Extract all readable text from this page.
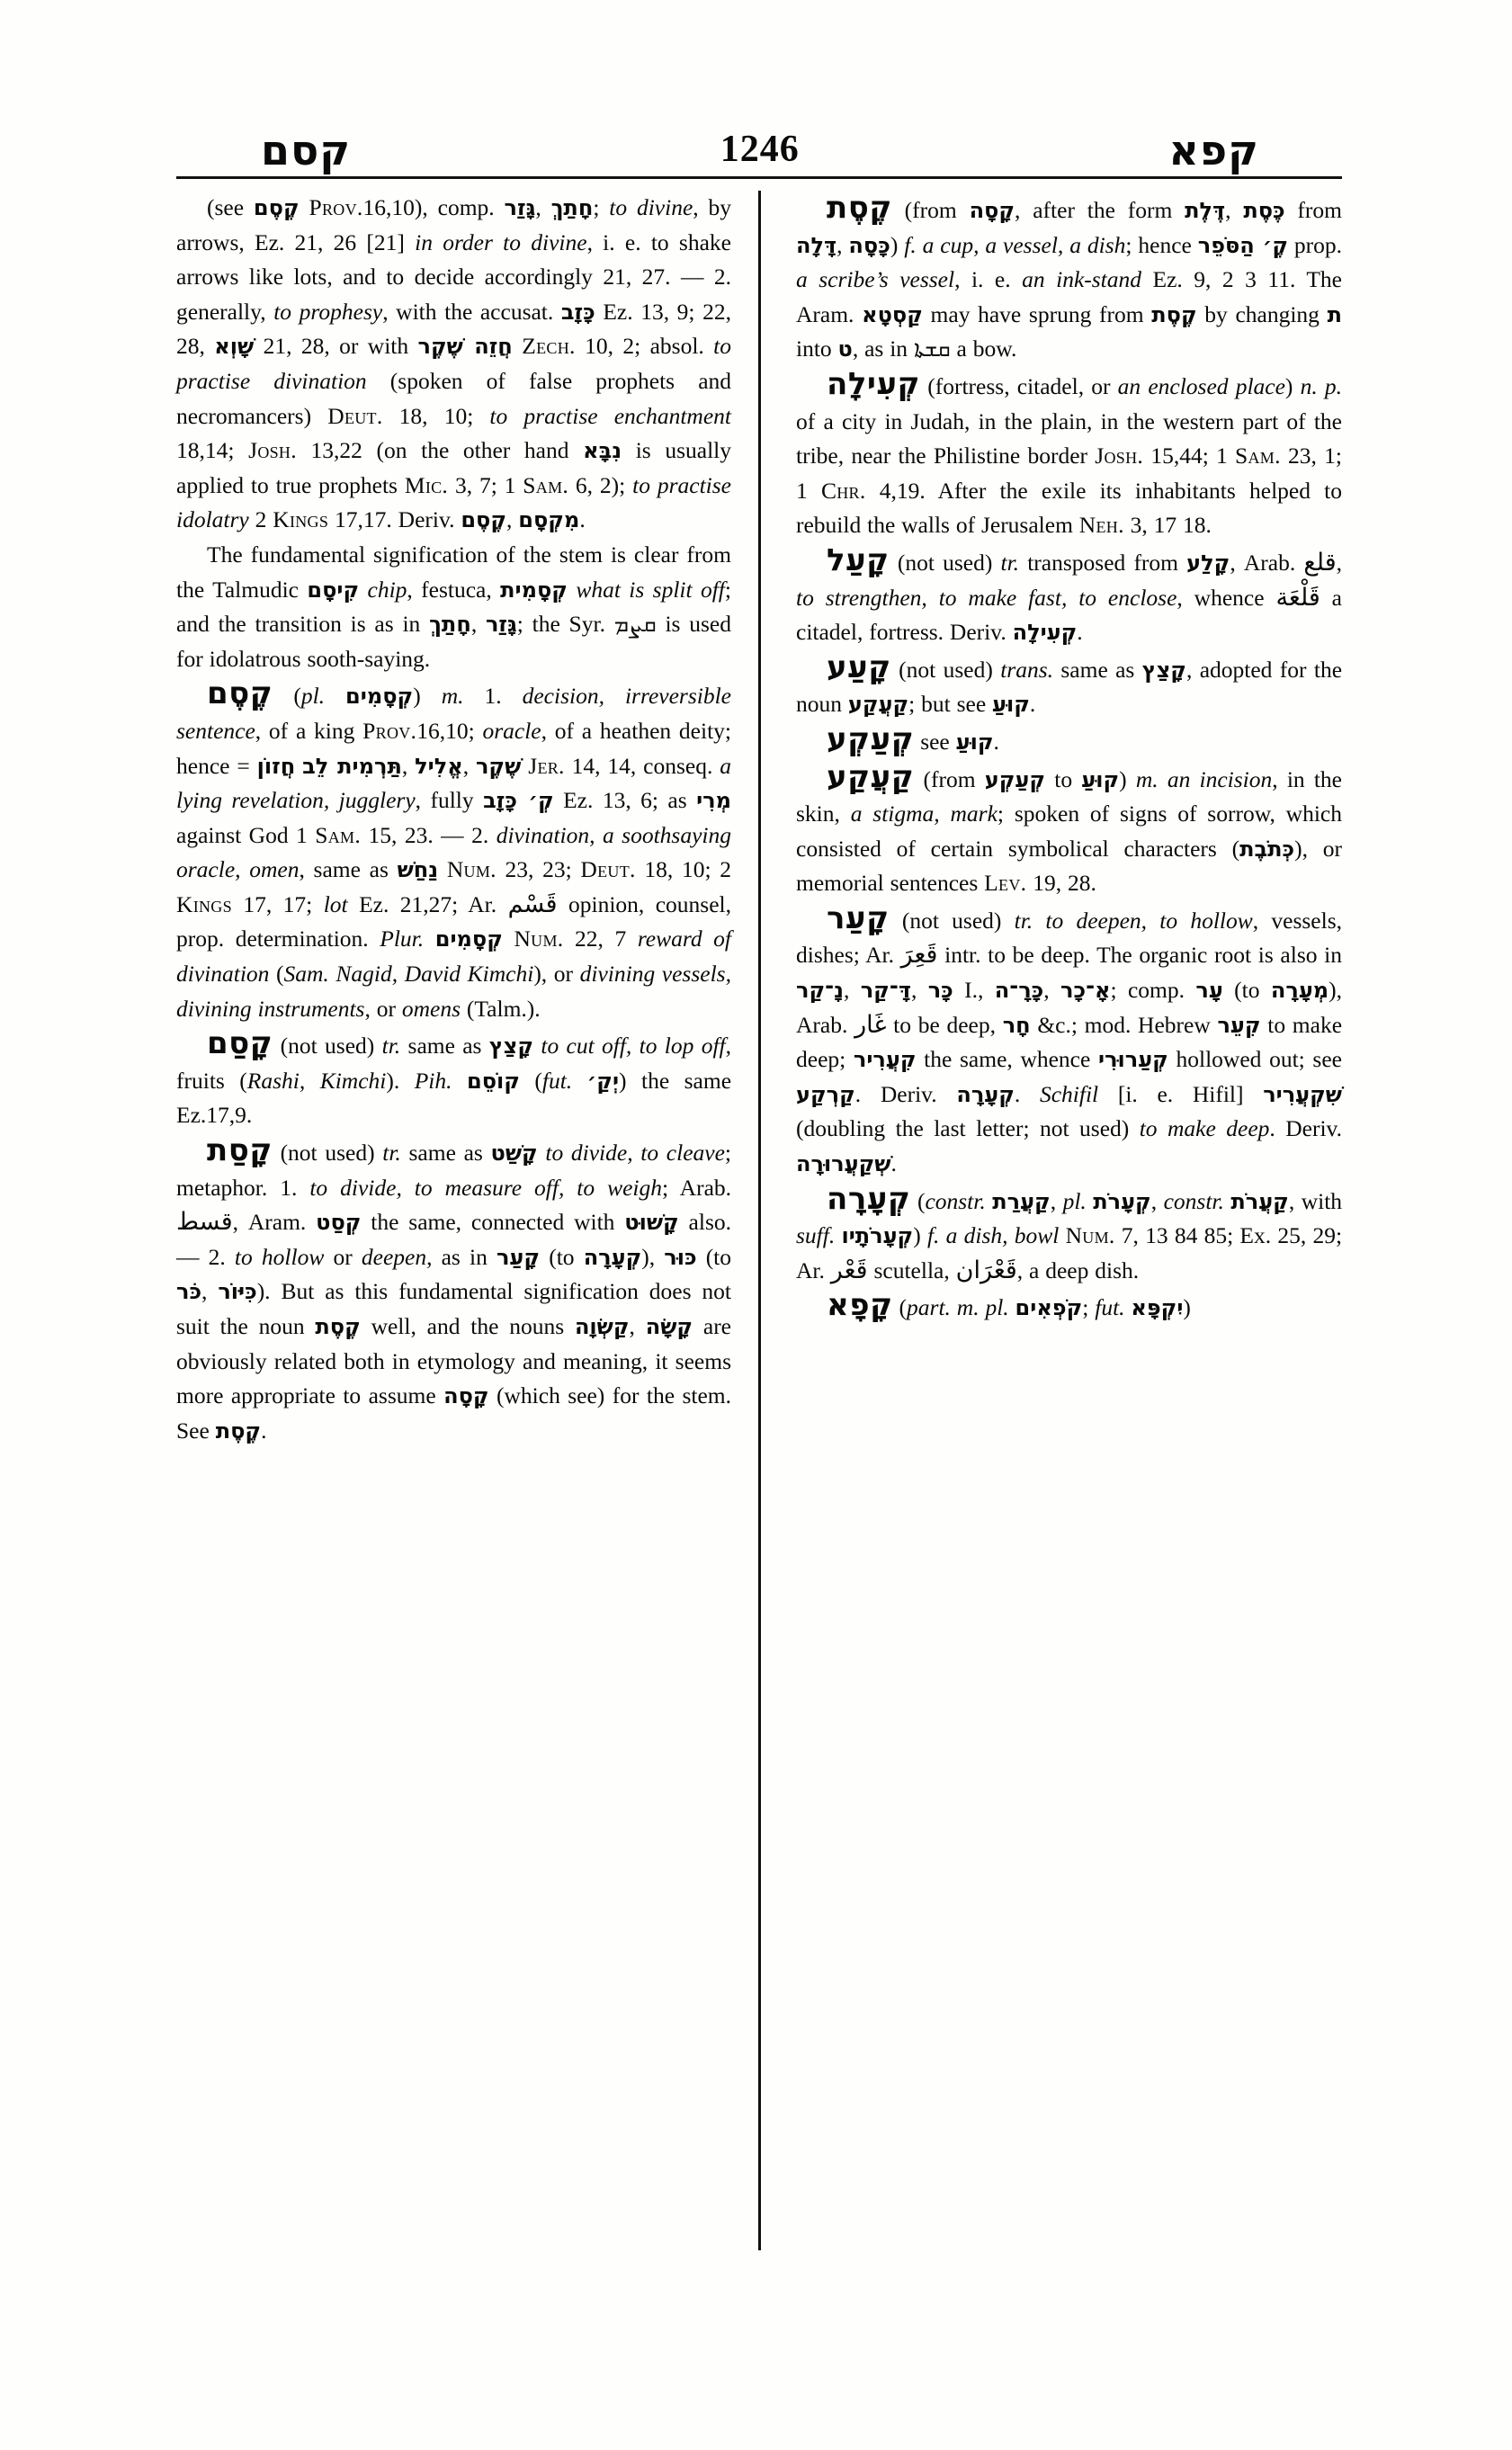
קסם	1246	קפא

(see קֶסֶם Prov.16,10), comp. גָּזַר, חָתַךְ; to divine, by arrows, Ez. 21, 26 [21] in order to divine, i. e. to shake arrows like lots, and to decide accordingly 21, 27. — 2. generally, to prophesy, with the accusat. כָּזָב Ez. 13, 9; 22, 28, שָׁוְא 21, 28, or with חֲזֵה שֶׁקֶר Zech. 10, 2; absol. to practise divination (spoken of false prophets and necromancers) Deut. 18, 10; to practise enchantment 18,14; Josh. 13,22 (on the other hand נִבָּא is usually applied to true prophets Mic. 3, 7; 1 Sam. 6, 2); to practise idolatry 2 Kings 17,17. Deriv. קֶסֶם, מִקְסָם.

The fundamental signification of the stem is clear from the Talmudic קִיסָם chip, festuca, קְסָמִית what is split off; and the transition is as in חָתַךְ, גָּזַר; the Syr. ܩܨܡ is used for idolatrous sooth-saying.

קֶסֶם (pl. קְסָמִים) m. 1. decision, irreversible sentence, of a king Prov.16,10; oracle, of a heathen deity; hence = חֲזוֹן תַּרְמִית לֵב, אֱלִיל, שֶׁקֶר Jer. 14, 14, conseq. a lying revelation, jugglery, fully קְ׳ כָּזָב Ez. 13, 6; as מְרִי against God 1 Sam. 15, 23. — 2. divination, a soothsaying oracle, omen, same as נַחַשׁ Num. 23, 23; Deut. 18, 10; 2 Kings 17, 17; lot Ez. 21,27; Ar. قَسْم opinion, counsel, prop. determination. Plur. קְסָמִים Num. 22, 7 reward of divination (Sam. Nagid, David Kimchi), or divining vessels, divining instruments, or omens (Talm.).

קָסַם (not used) tr. same as קָצַץ to cut off, to lop off, fruits (Rashi, Kimchi). Pih. קוֹסֵם (fut. יְקַ׳) the same Ez.17,9.

קָסַת (not used) tr. same as קָשַׁט to divide, to cleave; metaphor. 1. to divide, to measure off, to weigh; Arab. قسط, Aram. קְסַט the same, connected with קָשׁוּט also. — 2. to hollow or deepen, as in קָעַר (to קְעָרָה), כּוּר (to כֹּר, כִּיּוֹר). But as this fundamental signification does not suit the noun קֶסֶת well, and the nouns קַשְׂוָה, קָשָׂה are obviously related both in etymology and meaning, it seems more appropriate to assume קָסָה (which see) for the stem. See קֶסֶת.

קֶסֶת (from קָסָה, after the form דֶּלֶת, כֶּסֶת from דָּלָה, כָּסָה) f. a cup, a vessel, a dish; hence קֶ׳ הַסֹּפֵר prop. a scribe’s vessel, i. e. an ink-stand Ez. 9, 2 3 11. The Aram. קַסְטָא may have sprung from קֶסֶת by changing ת into ט, as in ܩܫܬܐ a bow.

קְעִילָה (fortress, citadel, or an enclosed place) n. p. of a city in Judah, in the plain, in the western part of the tribe, near the Philistine border Josh. 15,44; 1 Sam. 23, 1; 1 Chr. 4,19. After the exile its inhabitants helped to rebuild the walls of Jerusalem Neh. 3, 17 18.

קָעַל (not used) tr. transposed from קָלַע, Arab. قلع, to strengthen, to make fast, to enclose, whence قَلْعَة a citadel, fortress. Deriv. קְעִילָה.

קָעַע (not used) trans. same as קָצַץ, adopted for the noun קַעֲקַע; but see קוּעַ.

קְעַקְע see קוּעַ.

קַעֲקַע (from קְעַקְע to קוּעַ) m. an incision, in the skin, a stigma, mark; spoken of signs of sorrow, which consisted of certain symbolical characters (כְּתֹבֶת), or memorial sentences Lev. 19, 28.

קָעַר (not used) tr. to deepen, to hollow, vessels, dishes; Ar. قَعِرَ intr. to be deep. The organic root is also in נָ־קַר, דָּ־קַר, כָּר I., כָּרָ־ה, אָ־כָר; comp. עָר (to מְעָרָה), Arab. غَار to be deep, חָר &c.; mod. Hebrew קִעֵר to make deep; קִעֲרִיר the same, whence קְעַרוּרִי hollowed out; see קַרְקַע. Deriv. קְעָרָה. Schifil [i. e. Hifil] שִׁקְעֲרִיר (doubling the last letter; not used) to make deep. Deriv. שְׁקַעֲרוּרָה.

קְעָרָה (constr. קַעֲרַת, pl. קְעָרֹת, constr. קַעֲרֹת, with suff. קְעָרֹתָיו) f. a dish, bowl Num. 7, 13 84 85; Ex. 25, 29; Ar. قَعْر scutella, قَعْرَان, a deep dish.

קָפָא (part. m. pl. קֹפְאִים; fut. יִקְפָּא)
